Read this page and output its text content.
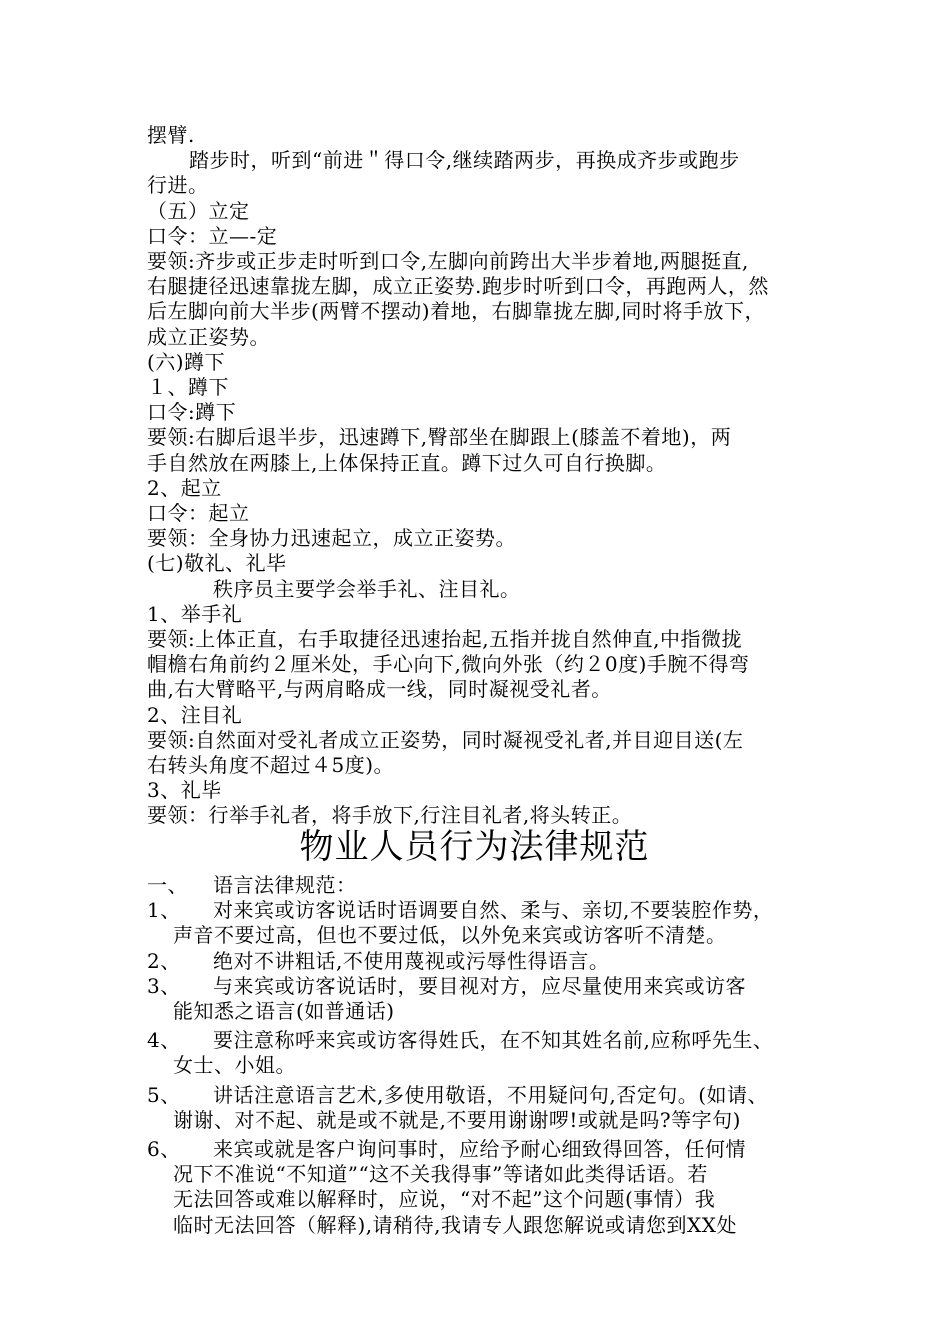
摆臂.
踏步时，听到“前进＂得口令,继续踏两步，再换成齐步或跑步
行进。
（五）立定
口令：立—-定
要领:齐步或正步走时听到口令,左脚向前跨出大半步着地,两腿挺直,
右腿捷径迅速靠拢左脚，成立正姿势.跑步时听到口令，再跑两人，然
后左脚向前大半步(两臂不摆动)着地，右脚靠拢左脚,同时将手放下，
成立正姿势。
(六)蹲下
１、蹲下
口令:蹲下
要领:右脚后退半步，迅速蹲下,臀部坐在脚跟上(膝盖不着地)，两
手自然放在两膝上,上体保持正直。蹲下过久可自行换脚。
2、起立
口令：起立
要领：全身协力迅速起立，成立正姿势。
(七)敬礼、礼毕
秩序员主要学会举手礼、注目礼。
1、举手礼
要领:上体正直，右手取捷径迅速抬起,五指并拢自然伸直,中指微拢
帽檐右角前约２厘米处，手心向下,微向外张（约２0度)手腕不得弯
曲,右大臂略平,与两肩略成一线，同时凝视受礼者。
2、注目礼
要领:自然面对受礼者成立正姿势，同时凝视受礼者,并目迎目送(左
右转头角度不超过４5度)。
3、礼毕
要领：行举手礼者，将手放下,行注目礼者,将头转正。
物业人员行为法律规范
一、	语言法律规范：
1、	对来宾或访客说话时语调要自然、柔与、亲切,不要装腔作势，
声音不要过高，但也不要过低，以外免来宾或访客听不清楚。
2、	绝对不讲粗话,不使用蔑视或污辱性得语言。
3、	与来宾或访客说话时，要目视对方，应尽量使用来宾或访客
能知悉之语言(如普通话)
4、	要注意称呼来宾或访客得姓氏，在不知其姓名前,应称呼先生、
女士、小姐。
5、	讲话注意语言艺术,多使用敬语，不用疑问句,否定句。(如请、
谢谢、对不起、就是或不就是,不要用谢谢啰!或就是吗?等字句)
6、	来宾或就是客户询问事时，应给予耐心细致得回答，任何情
况下不准说“不知道”“这不关我得事”等诸如此类得话语。若
无法回答或难以解释时，应说，“对不起”这个问题(事情）我
临时无法回答（解释),请稍待,我请专人跟您解说或请您到XX处
